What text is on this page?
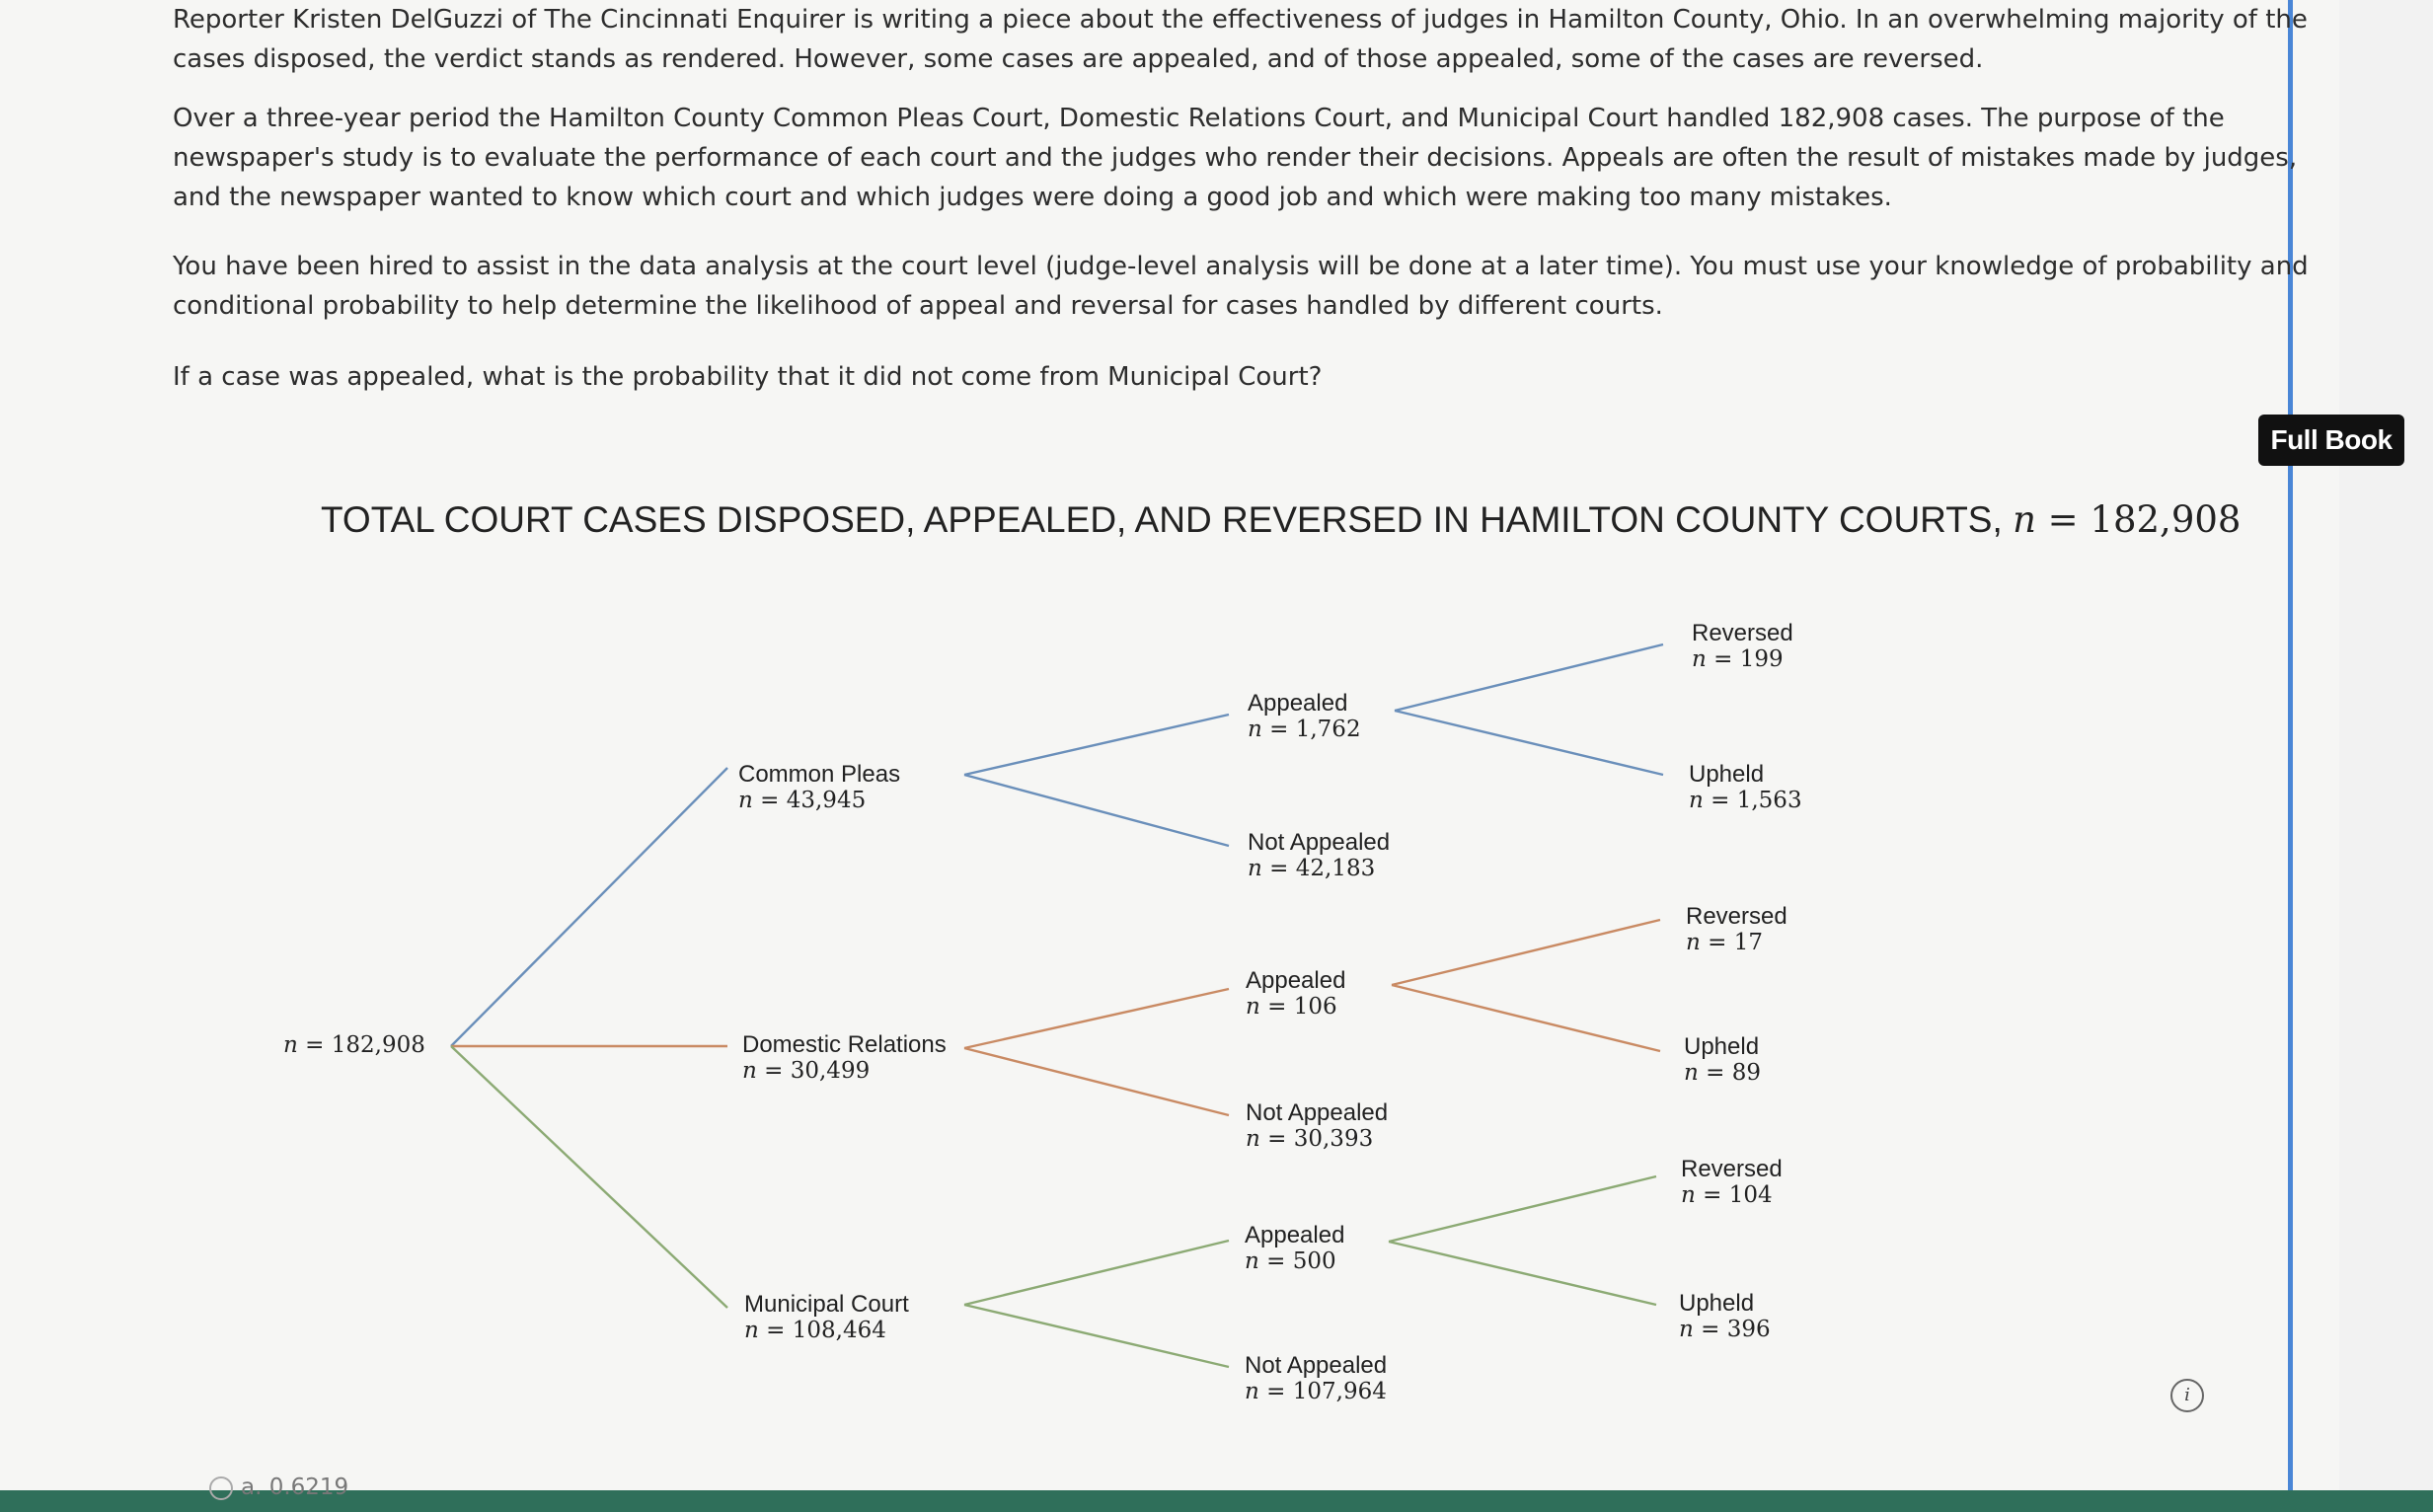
Reporter Kristen DelGuzzi of The Cincinnati Enquirer is writing a piece about the effectiveness of judges in Hamilton County, Ohio. In an overwhelming majority of the cases disposed, the verdict stands as rendered. However, some cases are appealed, and of those appealed, some of the cases are reversed.

Over a three-year period the Hamilton County Common Pleas Court, Domestic Relations Court, and Municipal Court handled 182,908 cases. The purpose of the newspaper's study is to evaluate the performance of each court and the judges who render their decisions. Appeals are often the result of mistakes made by judges, and the newspaper wanted to know which court and which judges were doing a good job and which were making too many mistakes.

You have been hired to assist in the data analysis at the court level (judge-level analysis will be done at a later time). You must use your knowledge of probability and conditional probability to help determine the likelihood of appeal and reversal for cases handled by different courts.

If a case was appealed, what is the probability that it did not come from Municipal Court?

Full Book
TOTAL COURT CASES DISPOSED, APPEALED, AND REVERSED IN HAMILTON COUNTY COURTS, n = 182,908
n = 182,908
Common Pleas
n = 43,945
Domestic Relations
n = 30,499
Municipal Court
n = 108,464
Appealed
n = 1,762
Not Appealed
n = 42,183
Appealed
n = 106
Not Appealed
n = 30,393
Appealed
n = 500
Not Appealed
n = 107,964
Reversed
n = 199
Upheld
n = 1,563
Reversed
n = 17
Upheld
n = 89
Reversed
n = 104
Upheld
n = 396
i
a. 0.6219
